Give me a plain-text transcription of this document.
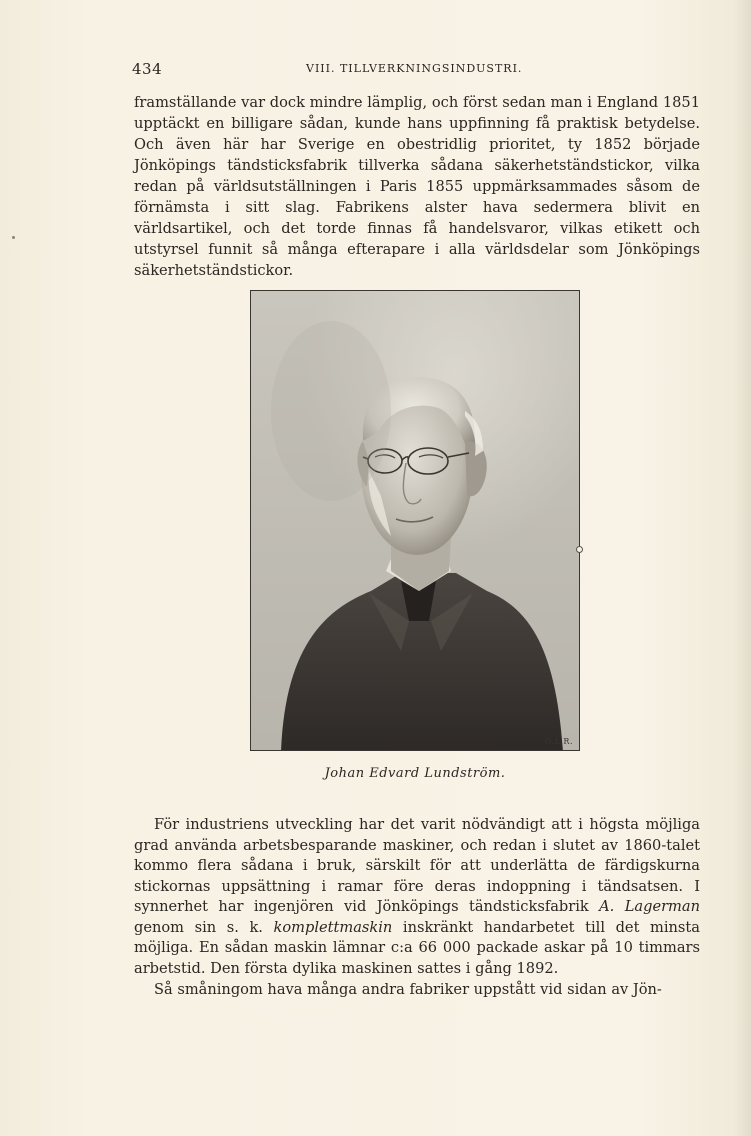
434	VIII. TILLVERKNINGSINDUSTRI.

framställande var dock mindre lämplig, och först sedan man i England 1851 upptäckt en billigare sådan, kunde hans uppfinning få praktisk betydelse. Och även här har Sverige en obestridlig prioritet, ty 1852 började Jönköpings tändsticksfabrik tillverka sådana säkerhetständstickor, vilka redan på världsutställningen i Paris 1855 uppmärksammades såsom de förnämsta i sitt slag. Fabrikens alster hava sedermera blivit en världsartikel, och det torde finnas få handelsvaror, vilkas etikett och utstyrsel funnit så många efterapare i alla världsdelar som Jönköpings säkerhetständstickor.

G.L.R.
Johan Edvard Lundström.

För industriens utveckling har det varit nödvändigt att i högsta möjliga grad använda arbetsbesparande maskiner, och redan i slutet av 1860-talet kommo flera sådana i bruk, särskilt för att underlätta de färdigskurna stickornas uppsättning i ramar före deras indoppning i tändsatsen. I synnerhet har ingenjören vid Jönköpings tändsticksfabrik A. Lagerman genom sin s. k. komplettmaskin inskränkt handarbetet till det minsta möjliga. En sådan maskin lämnar c:a 66 000 packade askar på 10 timmars arbetstid. Den första dylika maskinen sattes i gång 1892.

Så småningom hava många andra fabriker uppstått vid sidan av Jön-
